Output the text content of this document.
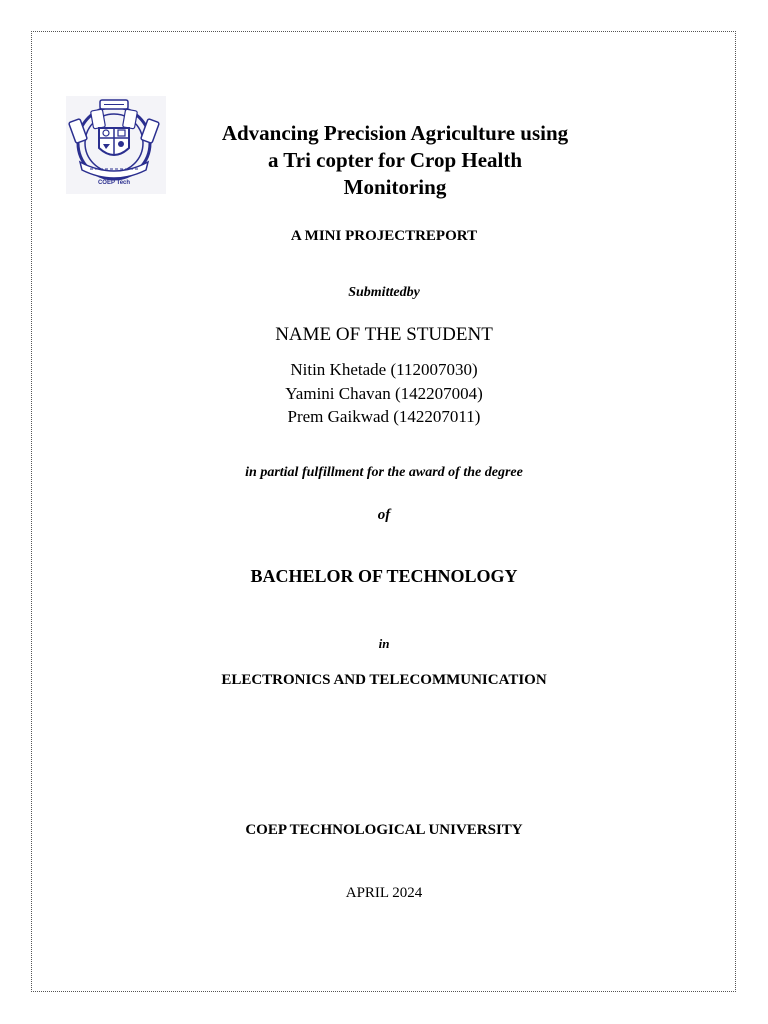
COEP Tech
Advancing Precision Agriculture using
a Tri copter for Crop Health
Monitoring
A MINI PROJECTREPORT
Submittedby
NAME OF THE STUDENT
Nitin Khetade (112007030)
Yamini Chavan (142207004)
Prem Gaikwad (142207011)
in partial fulfillment for the award of the degree
of
BACHELOR OF TECHNOLOGY
in
ELECTRONICS AND TELECOMMUNICATION
COEP TECHNOLOGICAL UNIVERSITY
APRIL 2024
